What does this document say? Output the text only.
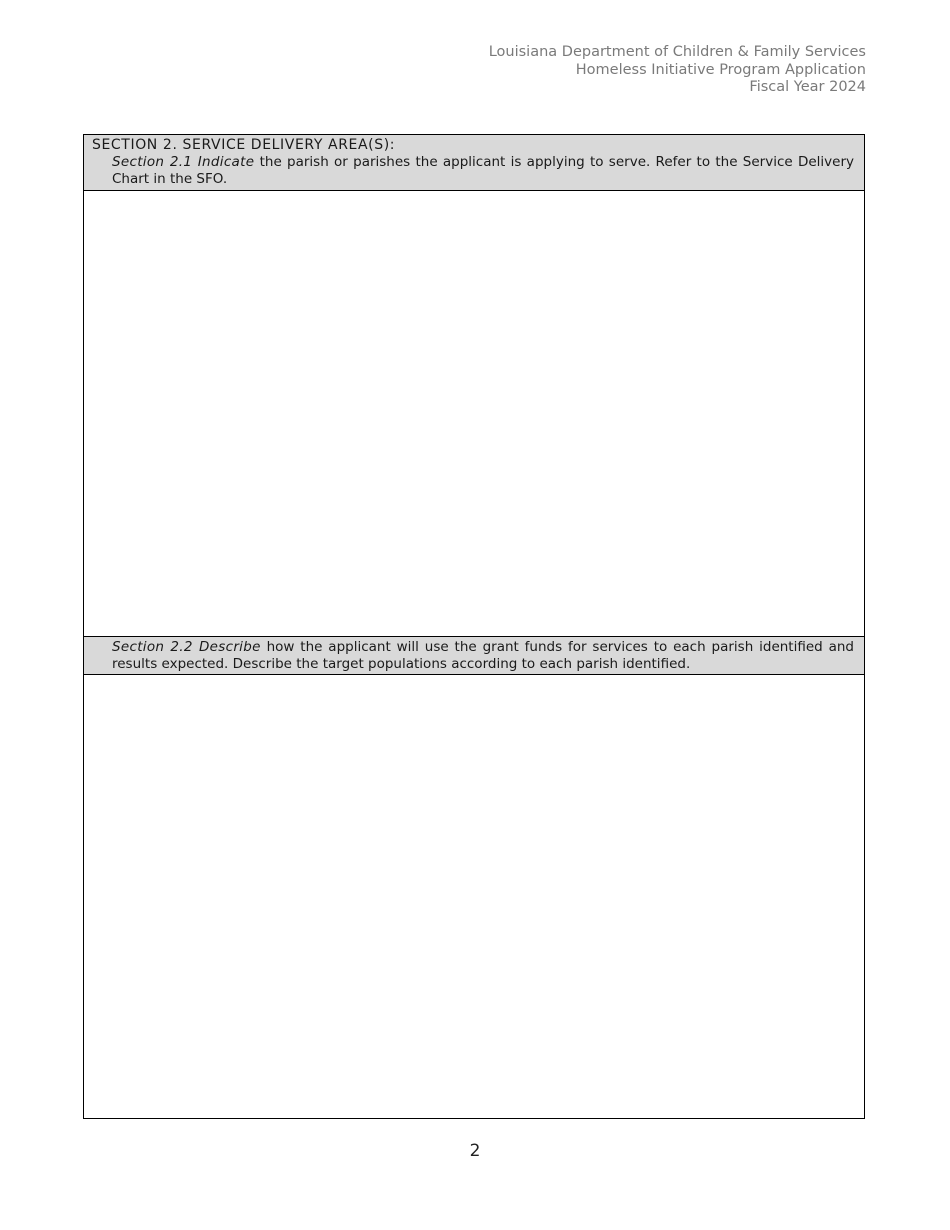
Louisiana Department of Children & Family Services
Homeless Initiative Program Application
Fiscal Year 2024
SECTION 2. SERVICE DELIVERY AREA(S):
Section 2.1 Indicate the parish or parishes the applicant is applying to serve. Refer to the Service Delivery Chart in the SFO.
Section 2.2 Describe how the applicant will use the grant funds for services to each parish identified and results expected. Describe the target populations according to each parish identified.
2
